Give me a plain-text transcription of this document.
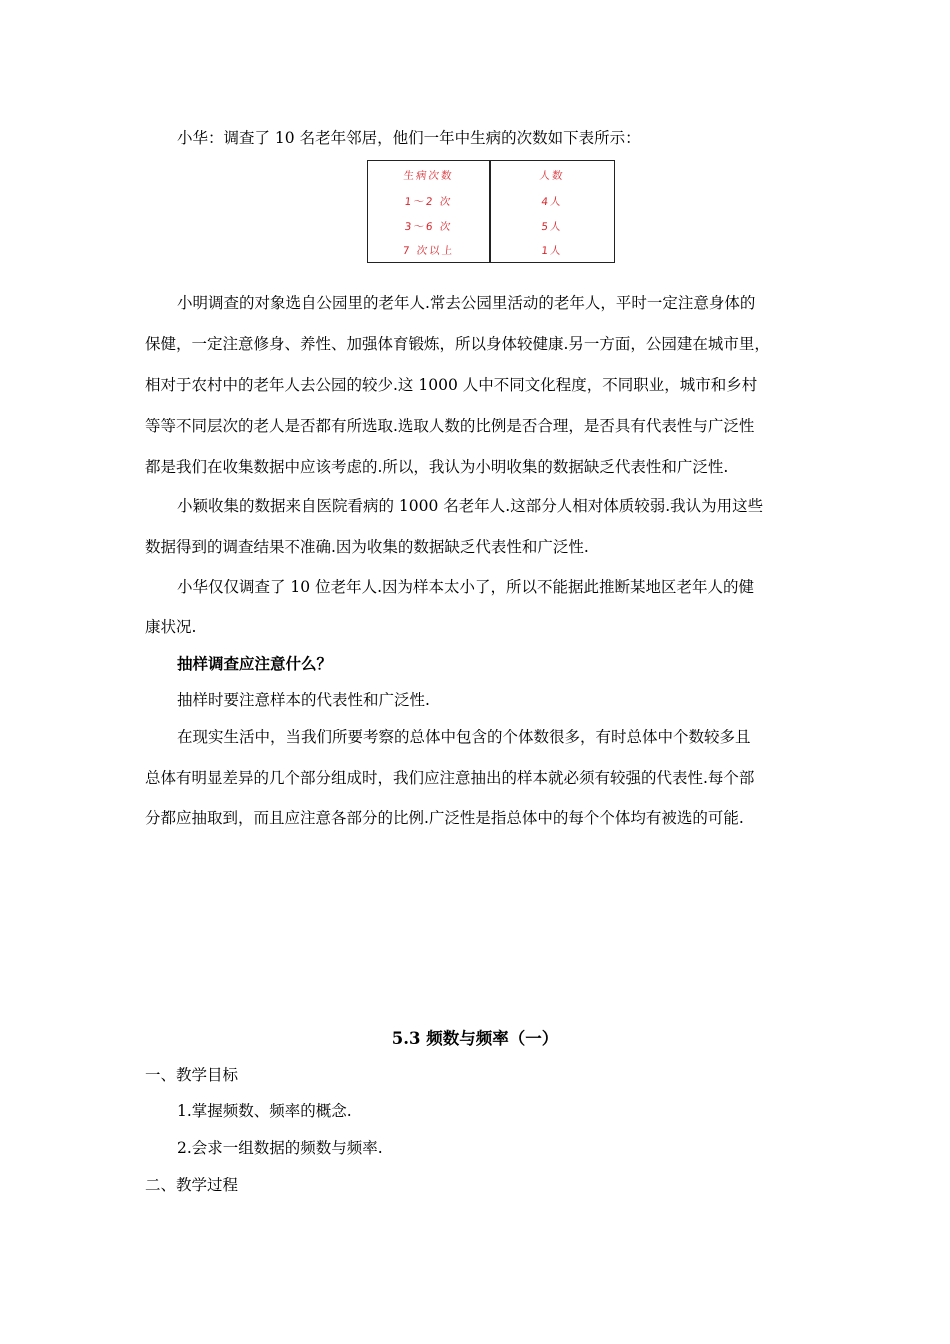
小华：调查了 10 名老年邻居，他们一年中生病的次数如下表所示：
生病次数	人数
1～2 次	4人
3～6 次	5人
7 次以上	1人
小明调查的对象选自公园里的老年人.常去公园里活动的老年人，平时一定注意身体的
保健，一定注意修身、养性、加强体育锻炼，所以身体较健康.另一方面，公园建在城市里，
相对于农村中的老年人去公园的较少.这 1000 人中不同文化程度，不同职业，城市和乡村
等等不同层次的老人是否都有所选取.选取人数的比例是否合理，是否具有代表性与广泛性
都是我们在收集数据中应该考虑的.所以，我认为小明收集的数据缺乏代表性和广泛性.
小颖收集的数据来自医院看病的 1000 名老年人.这部分人相对体质较弱.我认为用这些
数据得到的调查结果不准确.因为收集的数据缺乏代表性和广泛性.
小华仅仅调查了 10 位老年人.因为样本太小了，所以不能据此推断某地区老年人的健
康状况.
抽样调查应注意什么？
抽样时要注意样本的代表性和广泛性.
在现实生活中，当我们所要考察的总体中包含的个体数很多，有时总体中个数较多且
总体有明显差异的几个部分组成时，我们应注意抽出的样本就必须有较强的代表性.每个部
分都应抽取到，而且应注意各部分的比例.广泛性是指总体中的每个个体均有被选的可能.
5.3 频数与频率（一）
一、教学目标
1.掌握频数、频率的概念.
2.会求一组数据的频数与频率.
二、教学过程
